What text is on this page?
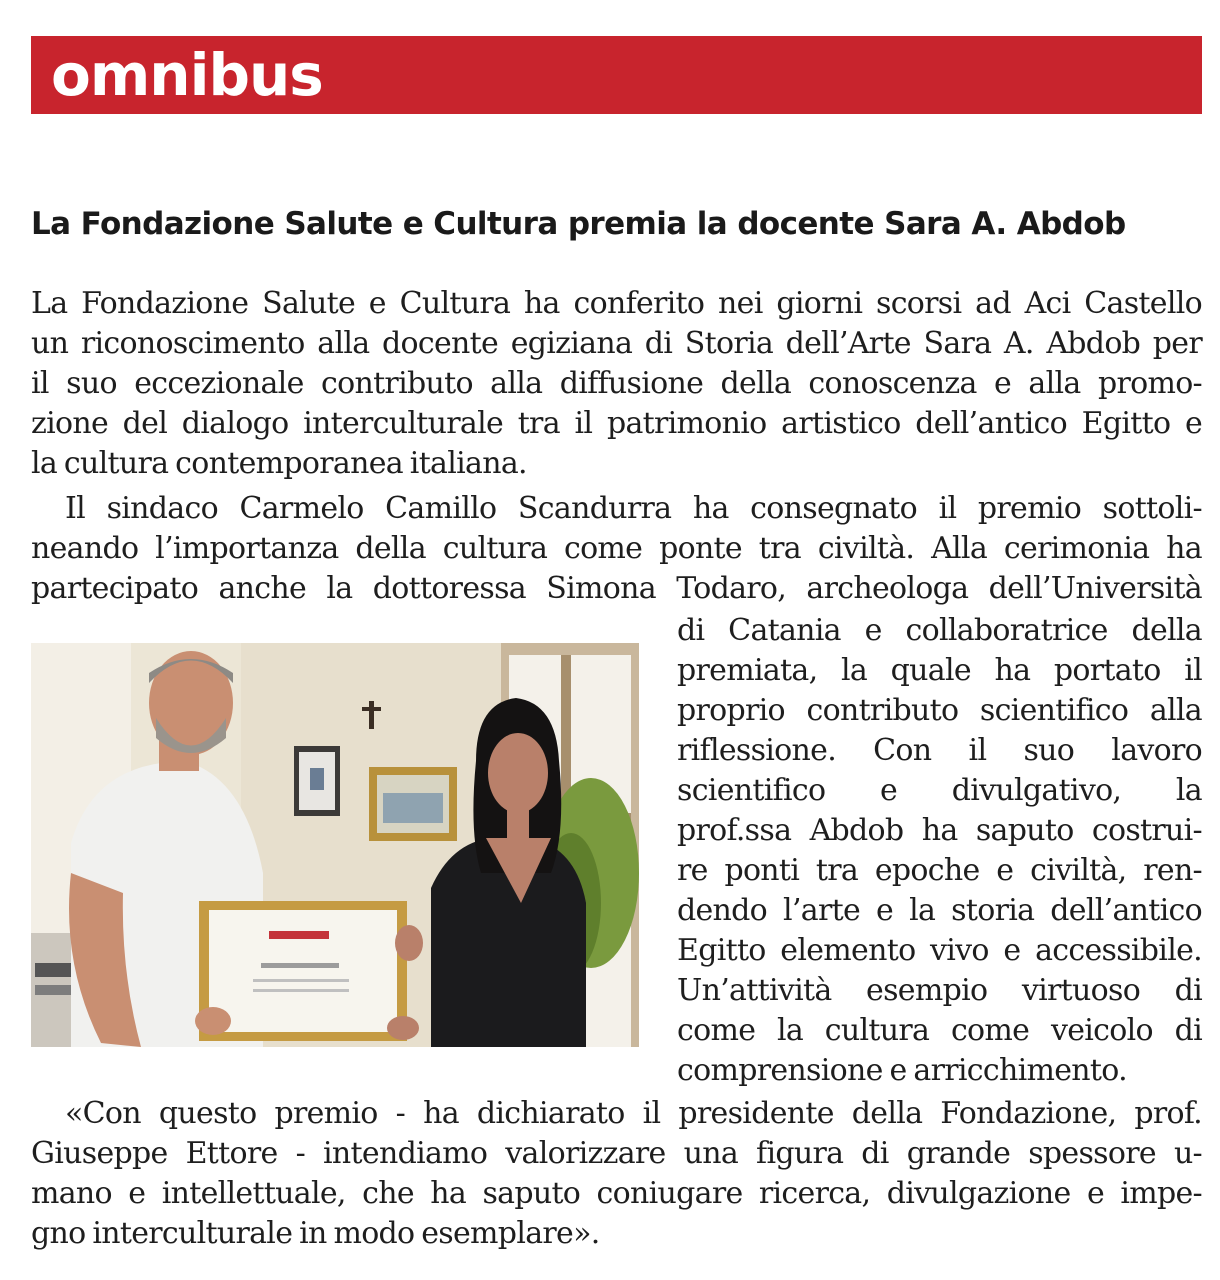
omnibus
La Fondazione Salute e Cultura premia la docente Sara A. Abdob
La Fondazione Salute e Cultura ha conferito nei giorni scorsi ad Aci Castello
un riconoscimento alla docente egiziana di Storia dell’Arte Sara A. Abdob per
il suo eccezionale contributo alla diffusione della conoscenza e alla promo-
zione del dialogo interculturale tra il patrimonio artistico dell’antico Egitto e
la cultura contemporanea italiana.
Il sindaco Carmelo Camillo Scandurra ha consegnato il premio sottoli-
neando l’importanza della cultura come ponte tra civiltà. Alla cerimonia ha
partecipato anche la dottoressa Simona Todaro, archeologa dell’Università
di Catania e collaboratrice della
premiata, la quale ha portato il
proprio contributo scientifico alla
riflessione. Con il suo lavoro
scientifico e divulgativo, la
prof.ssa Abdob ha saputo costrui-
re ponti tra epoche e civiltà, ren-
dendo l’arte e la storia dell’antico
Egitto elemento vivo e accessibile.
Un’attività esempio virtuoso di
come la cultura come veicolo di
comprensione e arricchimento.
«Con questo premio - ha dichiarato il presidente della Fondazione, prof.
Giuseppe Ettore - intendiamo valorizzare una figura di grande spessore u-
mano e intellettuale, che ha saputo coniugare ricerca, divulgazione e impe-
gno interculturale in modo esemplare».
